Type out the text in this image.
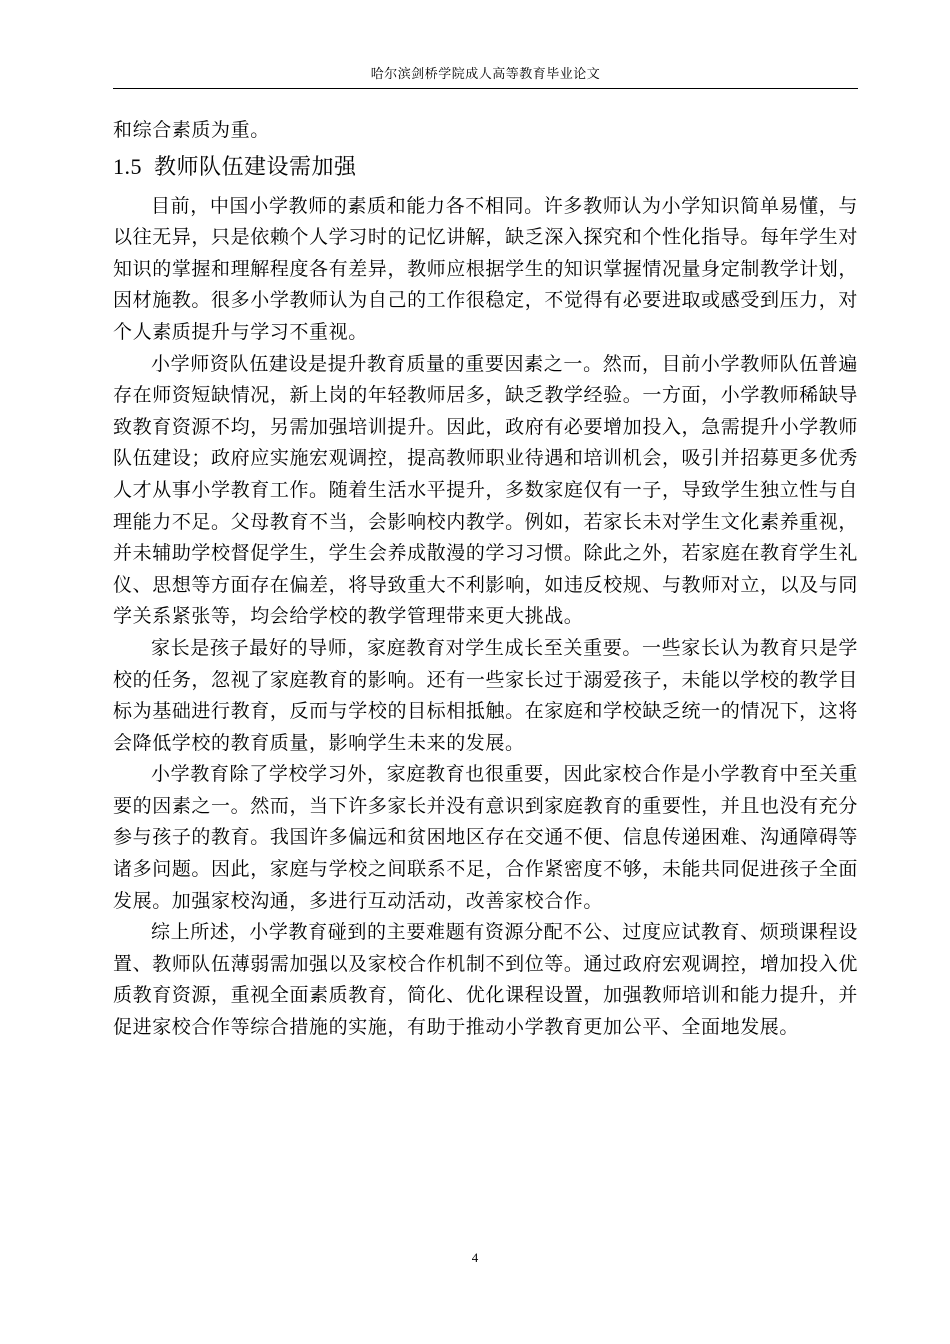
哈尔滨剑桥学院成人高等教育毕业论文

和综合素质为重。

1.5 教师队伍建设需加强

目前，中国小学教师的素质和能力各不相同。许多教师认为小学知识简单易懂，与以往无异，只是依赖个人学习时的记忆讲解，缺乏深入探究和个性化指导。每年学生对知识的掌握和理解程度各有差异，教师应根据学生的知识掌握情况量身定制教学计划，因材施教。很多小学教师认为自己的工作很稳定，不觉得有必要进取或感受到压力，对个人素质提升与学习不重视。

小学师资队伍建设是提升教育质量的重要因素之一。然而，目前小学教师队伍普遍存在师资短缺情况，新上岗的年轻教师居多，缺乏教学经验。一方面，小学教师稀缺导致教育资源不均，另需加强培训提升。因此，政府有必要增加投入，急需提升小学教师队伍建设；政府应实施宏观调控，提高教师职业待遇和培训机会，吸引并招募更多优秀人才从事小学教育工作。随着生活水平提升，多数家庭仅有一子，导致学生独立性与自理能力不足。父母教育不当，会影响校内教学。例如，若家长未对学生文化素养重视，并未辅助学校督促学生，学生会养成散漫的学习习惯。除此之外，若家庭在教育学生礼仪、思想等方面存在偏差，将导致重大不利影响，如违反校规、与教师对立，以及与同学关系紧张等，均会给学校的教学管理带来更大挑战。

家长是孩子最好的导师，家庭教育对学生成长至关重要。一些家长认为教育只是学校的任务，忽视了家庭教育的影响。还有一些家长过于溺爱孩子，未能以学校的教学目标为基础进行教育，反而与学校的目标相抵触。在家庭和学校缺乏统一的情况下，这将会降低学校的教育质量，影响学生未来的发展。

小学教育除了学校学习外，家庭教育也很重要，因此家校合作是小学教育中至关重要的因素之一。然而，当下许多家长并没有意识到家庭教育的重要性，并且也没有充分参与孩子的教育。我国许多偏远和贫困地区存在交通不便、信息传递困难、沟通障碍等诸多问题。因此，家庭与学校之间联系不足，合作紧密度不够，未能共同促进孩子全面发展。加强家校沟通，多进行互动活动，改善家校合作。

综上所述，小学教育碰到的主要难题有资源分配不公、过度应试教育、烦琐课程设置、教师队伍薄弱需加强以及家校合作机制不到位等。通过政府宏观调控，增加投入优质教育资源，重视全面素质教育，简化、优化课程设置，加强教师培训和能力提升，并促进家校合作等综合措施的实施，有助于推动小学教育更加公平、全面地发展。

4
